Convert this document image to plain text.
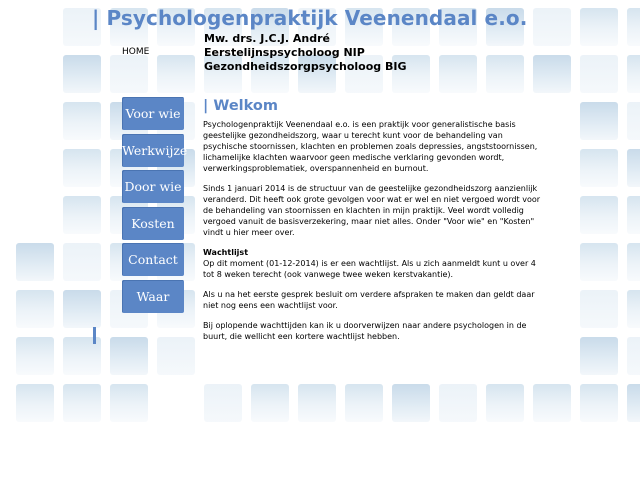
| Psychologenpraktijk Veenendaal e.o.
HOME
Mw. drs. J.C.J. André
Eerstelijnspsycholoog NIP
Gezondheidszorgpsycholoog BIG
Voor wie
Werkwijze
Door wie
Kosten
Contact
Waar
| Welkom

Psychologenpraktijk Veenendaal e.o. is een praktijk voor generalistische basis geestelijke gezondheidszorg, waar u terecht kunt voor de behandeling van psychische stoornissen, klachten en problemen zoals depressies, angststoornissen, lichamelijke klachten waarvoor geen medische verklaring gevonden wordt, verwerkingsproblematiek, overspannenheid en burnout.

Sinds 1 januari 2014 is de structuur van de geestelijke gezondheidszorg aanzienlijk veranderd. Dit heeft ook grote gevolgen voor wat er wel en niet vergoed wordt voor de behandeling van stoornissen en klachten in mijn praktijk. Veel wordt volledig vergoed vanuit de basisverzekering, maar niet alles. Onder "Voor wie" en "Kosten" vindt u hier meer over.

Wachtlijst

Op dit moment (01-12-2014) is er een wachtlijst. Als u zich aanmeldt kunt u over 4 tot 8 weken terecht (ook vanwege twee weken kerstvakantie).

Als u na het eerste gesprek besluit om verdere afspraken te maken dan geldt daar niet nog eens een wachtlijst voor.

Bij oplopende wachttijden kan ik u doorverwijzen naar andere psychologen in de buurt, die wellicht een kortere wachtlijst hebben.
